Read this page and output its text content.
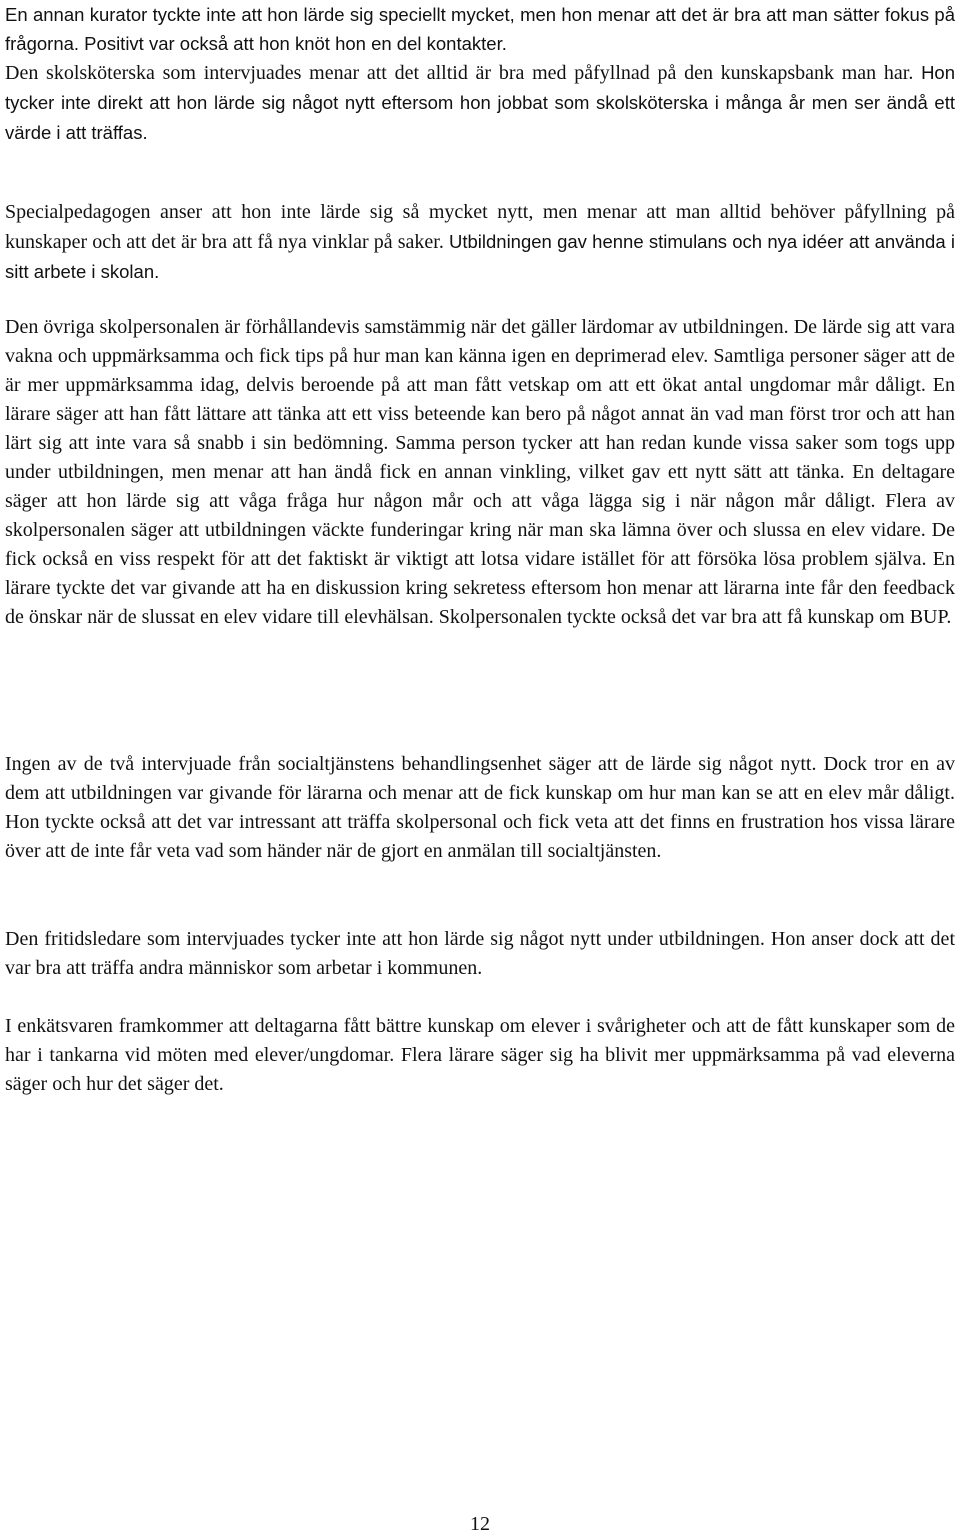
En annan kurator tyckte inte att hon lärde sig speciellt mycket, men hon menar att det är bra att man sätter fokus på frågorna. Positivt var också att hon knöt hon en del kontakter.

Den skolsköterska som intervjuades menar att det alltid är bra med påfyllnad på den kunskapsbank man har. Hon tycker inte direkt att hon lärde sig något nytt eftersom hon jobbat som skolsköterska i många år men ser ändå ett värde i att träffas.

Specialpedagogen anser att hon inte lärde sig så mycket nytt, men menar att man alltid behöver påfyllning på kunskaper och att det är bra att få nya vinklar på saker. Utbildningen gav henne stimulans och nya idéer att använda i sitt arbete i skolan.

Den övriga skolpersonalen är förhållandevis samstämmig när det gäller lärdomar av utbildningen. De lärde sig att vara vakna och uppmärksamma och fick tips på hur man kan känna igen en deprimerad elev. Samtliga personer säger att de är mer uppmärksamma idag, delvis beroende på att man fått vetskap om att ett ökat antal ungdomar mår dåligt. En lärare säger att han fått lättare att tänka att ett viss beteende kan bero på något annat än vad man först tror och att han lärt sig att inte vara så snabb i sin bedömning. Samma person tycker att han redan kunde vissa saker som togs upp under utbildningen, men menar att han ändå fick en annan vinkling, vilket gav ett nytt sätt att tänka. En deltagare säger att hon lärde sig att våga fråga hur någon mår och att våga lägga sig i när någon mår dåligt. Flera av skolpersonalen säger att utbildningen väckte funderingar kring när man ska lämna över och slussa en elev vidare. De fick också en viss respekt för att det faktiskt är viktigt att lotsa vidare istället för att försöka lösa problem själva. En lärare tyckte det var givande att ha en diskussion kring sekretess eftersom hon menar att lärarna inte får den feedback de önskar när de slussat en elev vidare till elevhälsan. Skolpersonalen tyckte också det var bra att få kunskap om BUP.

Ingen av de två intervjuade från socialtjänstens behandlingsenhet säger att de lärde sig något nytt. Dock tror en av dem att utbildningen var givande för lärarna och menar att de fick kunskap om hur man kan se att en elev mår dåligt. Hon tyckte också att det var intressant att träffa skolpersonal och fick veta att det finns en frustration hos vissa lärare över att de inte får veta vad som händer när de gjort en anmälan till socialtjänsten.

Den fritidsledare som intervjuades tycker inte att hon lärde sig något nytt under utbildningen. Hon anser dock att det var bra att träffa andra människor som arbetar i kommunen.

I enkätsvaren framkommer att deltagarna fått bättre kunskap om elever i svårigheter och att de fått kunskaper som de har i tankarna vid möten med elever/ungdomar. Flera lärare säger sig ha blivit mer uppmärksamma på vad eleverna säger och hur det säger det.

12
